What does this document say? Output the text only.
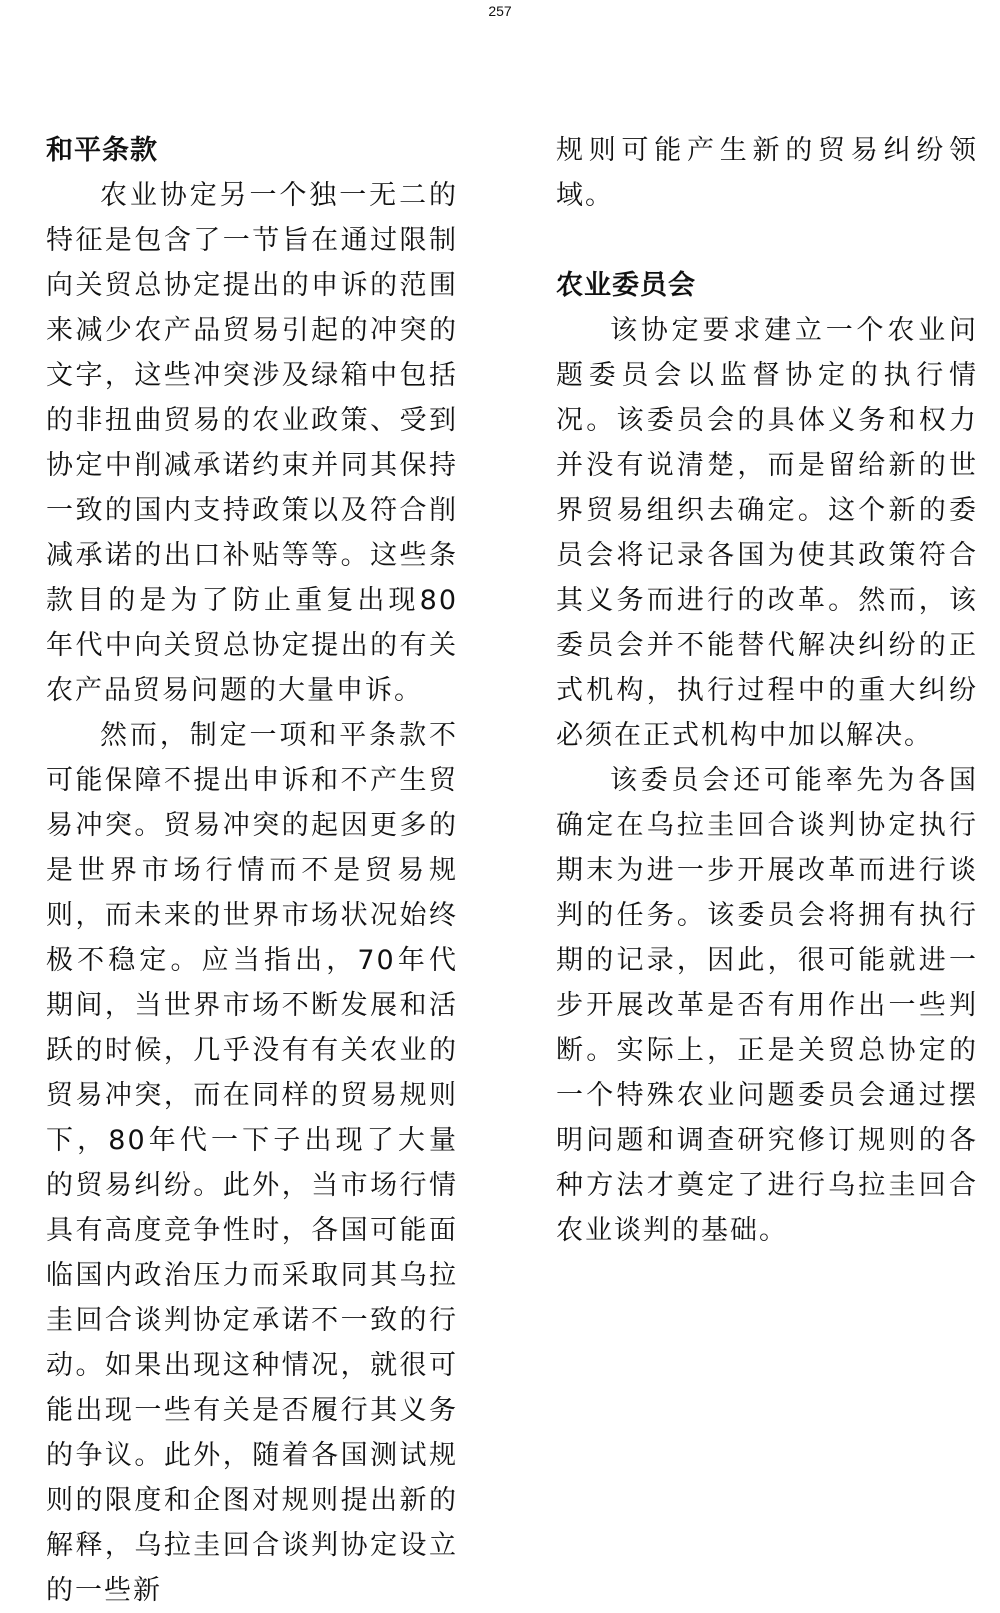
257
和平条款

农业协定另一个独一无二的特征是包含了一节旨在通过限制向关贸总协定提出的申诉的范围来减少农产品贸易引起的冲突的文字，这些冲突涉及绿箱中包括的非扭曲贸易的农业政策、受到协定中削减承诺约束并同其保持一致的国内支持政策以及符合削减承诺的出口补贴等等。这些条款目的是为了防止重复出现80年代中向关贸总协定提出的有关农产品贸易问题的大量申诉。

然而，制定一项和平条款不可能保障不提出申诉和不产生贸易冲突。贸易冲突的起因更多的是世界市场行情而不是贸易规则，而未来的世界市场状况始终极不稳定。应当指出，70年代期间，当世界市场不断发展和活跃的时候，几乎没有有关农业的贸易冲突，而在同样的贸易规则下，80年代一下子出现了大量的贸易纠纷。此外，当市场行情具有高度竞争性时，各国可能面临国内政治压力而采取同其乌拉圭回合谈判协定承诺不一致的行动。如果出现这种情况，就很可能出现一些有关是否履行其义务的争议。此外，随着各国测试规则的限度和企图对规则提出新的解释，乌拉圭回合谈判协定设立的一些新

规则可能产生新的贸易纠纷领域。

农业委员会

该协定要求建立一个农业问题委员会以监督协定的执行情况。该委员会的具体义务和权力并没有说清楚，而是留给新的世界贸易组织去确定。这个新的委员会将记录各国为使其政策符合其义务而进行的改革。然而，该委员会并不能替代解决纠纷的正式机构，执行过程中的重大纠纷必须在正式机构中加以解决。

该委员会还可能率先为各国确定在乌拉圭回合谈判协定执行期末为进一步开展改革而进行谈判的任务。该委员会将拥有执行期的记录，因此，很可能就进一步开展改革是否有用作出一些判断。实际上，正是关贸总协定的一个特殊农业问题委员会通过摆明问题和调查研究修订规则的各种方法才奠定了进行乌拉圭回合农业谈判的基础。
